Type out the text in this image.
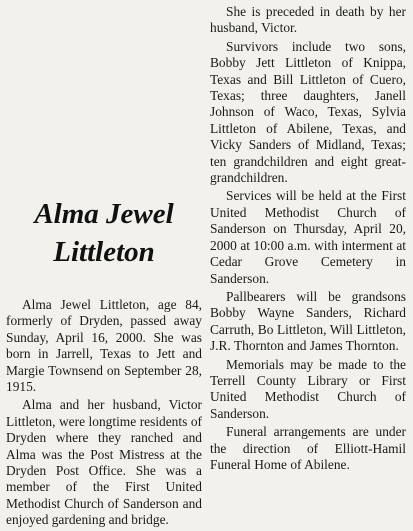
Alma Jewel
Littleton

Alma Jewel Littleton, age 84, formerly of Dryden, passed away Sunday, April 16, 2000. She was born in Jarrell, Texas to Jett and Margie Townsend on September 28, 1915.

Alma and her husband, Victor Littleton, were longtime residents of Dryden where they ranched and Alma was the Post Mistress at the Dryden Post Office. She was a member of the First United Methodist Church of Sanderson and enjoyed gardening and bridge.

She is preceded in death by her husband, Victor.

Survivors include two sons, Bobby Jett Littleton of Knippa, Texas and Bill Littleton of Cuero, Texas; three daughters, Janell Johnson of Waco, Texas, Sylvia Littleton of Abilene, Texas, and Vicky Sanders of Midland, Texas; ten grandchildren and eight great-grandchildren.

Services will be held at the First United Methodist Church of Sanderson on Thursday, April 20, 2000 at 10:00 a.m. with interment at Cedar Grove Cemetery in Sanderson.

Pallbearers will be grandsons Bobby Wayne Sanders, Richard Carruth, Bo Littleton, Will Littleton, J.R. Thornton and James Thornton.

Memorials may be made to the Terrell County Library or First United Methodist Church of Sanderson.

Funeral arrangements are under the direction of Elliott-Hamil Funeral Home of Abilene.
